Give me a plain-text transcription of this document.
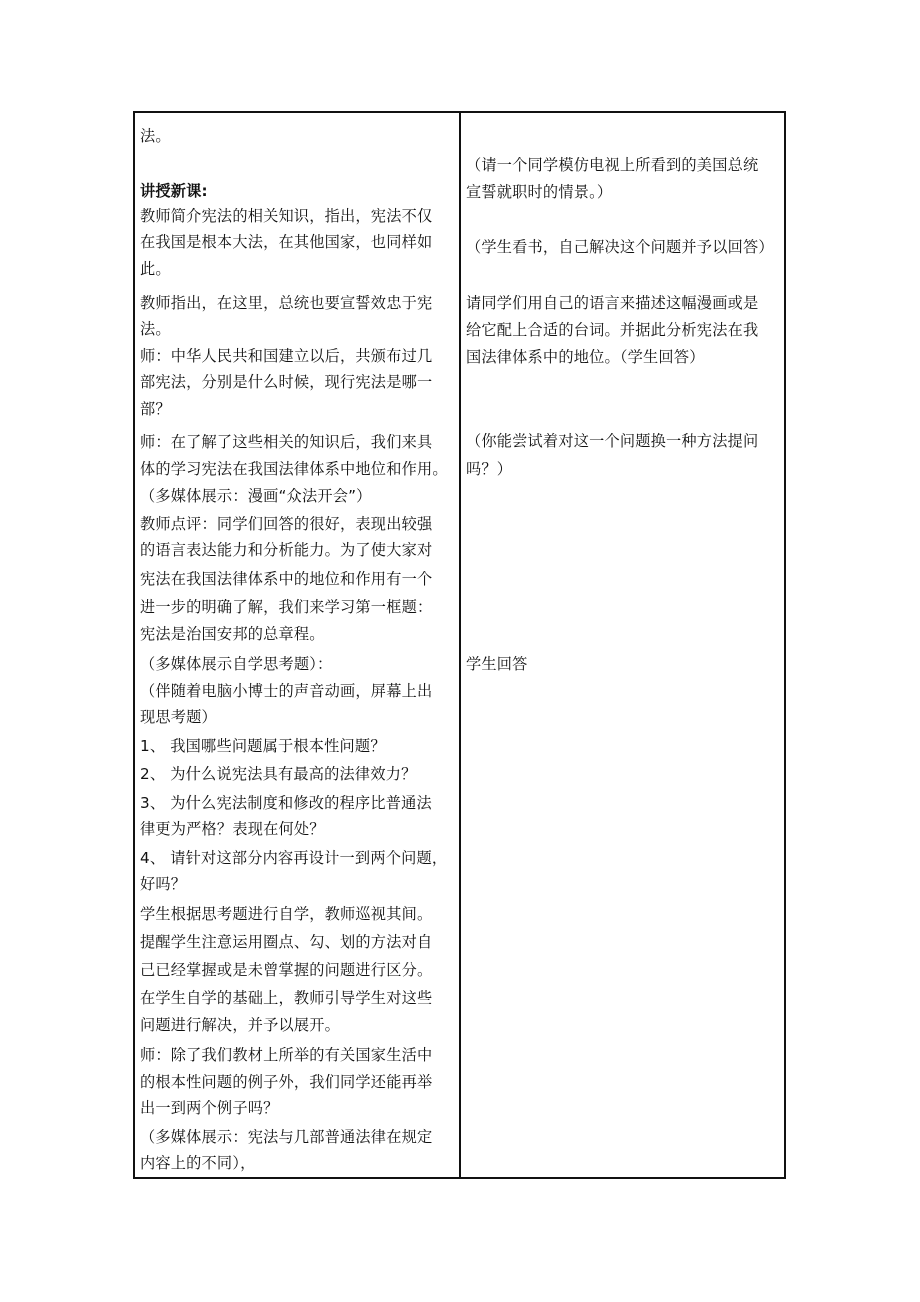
法。

讲授新课:

教师简介宪法的相关知识，指出，宪法不仅

在我国是根本大法，在其他国家，也同样如

此。

教师指出，在这里，总统也要宣誓效忠于宪

法。

师：中华人民共和国建立以后，共颁布过几

部宪法，分别是什么时候，现行宪法是哪一

部？

师：在了解了这些相关的知识后，我们来具

体的学习宪法在我国法律体系中地位和作用。

（多媒体展示：漫画“众法开会”）

教师点评：同学们回答的很好，表现出较强

的语言表达能力和分析能力。为了使大家对

宪法在我国法律体系中的地位和作用有一个

进一步的明确了解，我们来学习第一框题：

宪法是治国安邦的总章程。

（多媒体展示自学思考题）：

（伴随着电脑小博士的声音动画，屏幕上出

现思考题）

1、 我国哪些问题属于根本性问题？

2、 为什么说宪法具有最高的法律效力？

3、 为什么宪法制度和修改的程序比普通法

律更为严格？表现在何处？

4、 请针对这部分内容再设计一到两个问题，

好吗？

学生根据思考题进行自学，教师巡视其间。

提醒学生注意运用圈点、勾、划的方法对自

己已经掌握或是未曾掌握的问题进行区分。

在学生自学的基础上，教师引导学生对这些

问题进行解决，并予以展开。

师：除了我们教材上所举的有关国家生活中

的根本性问题的例子外，我们同学还能再举

出一到两个例子吗？

（多媒体展示：宪法与几部普通法律在规定

内容上的不同），

（请一个同学模仿电视上所看到的美国总统

宣誓就职时的情景。）

（学生看书，自己解决这个问题并予以回答）

请同学们用自己的语言来描述这幅漫画或是

给它配上合适的台词。并据此分析宪法在我

国法律体系中的地位。（学生回答）

（你能尝试着对这一个问题换一种方法提问

吗？）

学生回答
